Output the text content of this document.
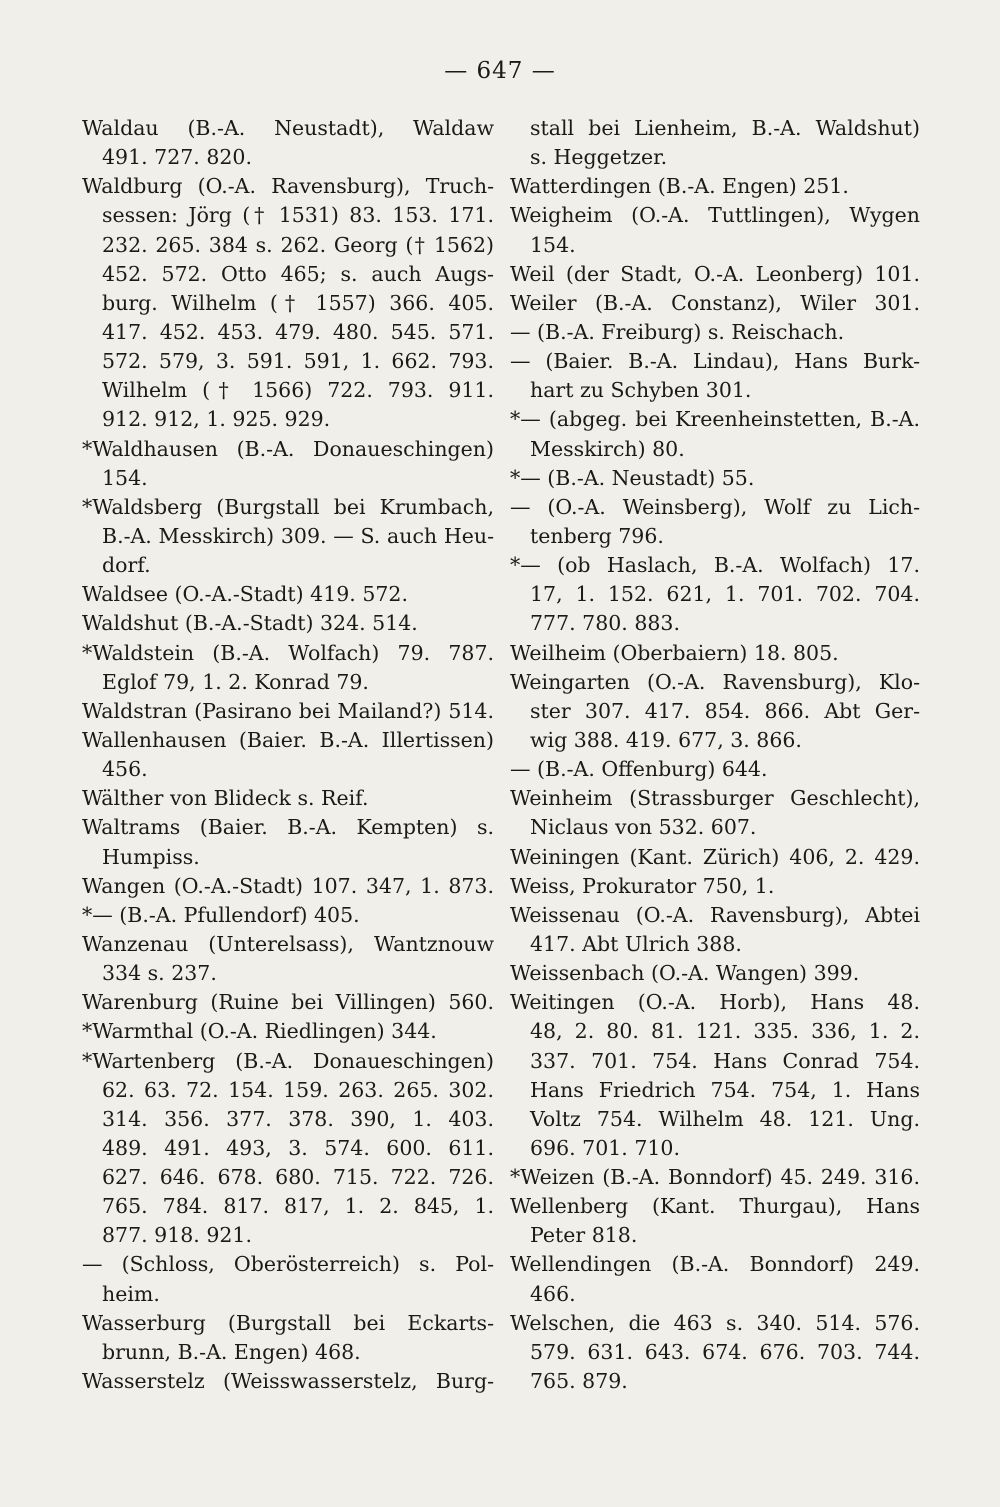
— 647 —
Waldau (B.-A. Neustadt), Waldaw
491. 727. 820.
Waldburg (O.-A. Ravensburg), Truch-
sessen: Jörg († 1531) 83. 153. 171.
232. 265. 384 s. 262. Georg († 1562)
452. 572. Otto 465; s. auch Augs-
burg. Wilhelm († 1557) 366. 405.
417. 452. 453. 479. 480. 545. 571.
572. 579, 3. 591. 591, 1. 662. 793.
Wilhelm († 1566) 722. 793. 911.
912. 912, 1. 925. 929.
*Waldhausen (B.-A. Donaueschingen)
154.
*Waldsberg (Burgstall bei Krumbach,
B.-A. Messkirch) 309. — S. auch Heu-
dorf.
Waldsee (O.-A.-Stadt) 419. 572.
Waldshut (B.-A.-Stadt) 324. 514.
*Waldstein (B.-A. Wolfach) 79. 787.
Eglof 79, 1. 2. Konrad 79.
Waldstran (Pasirano bei Mailand?) 514.
Wallenhausen (Baier. B.-A. Illertissen)
456.
Wälther von Blideck s. Reif.
Waltrams (Baier. B.-A. Kempten) s.
Humpiss.
Wangen (O.-A.-Stadt) 107. 347, 1. 873.
*— (B.-A. Pfullendorf) 405.
Wanzenau (Unterelsass), Wantznouw
334 s. 237.
Warenburg (Ruine bei Villingen) 560.
*Warmthal (O.-A. Riedlingen) 344.
*Wartenberg (B.-A. Donaueschingen)
62. 63. 72. 154. 159. 263. 265. 302.
314. 356. 377. 378. 390, 1. 403.
489. 491. 493, 3. 574. 600. 611.
627. 646. 678. 680. 715. 722. 726.
765. 784. 817. 817, 1. 2. 845, 1.
877. 918. 921.
— (Schloss, Oberösterreich) s. Pol-
heim.
Wasserburg (Burgstall bei Eckarts-
brunn, B.-A. Engen) 468.
Wasserstelz (Weisswasserstelz, Burg-
stall bei Lienheim, B.-A. Waldshut)
s. Heggetzer.
Watterdingen (B.-A. Engen) 251.
Weigheim (O.-A. Tuttlingen), Wygen
154.
Weil (der Stadt, O.-A. Leonberg) 101.
Weiler (B.-A. Constanz), Wiler 301.
— (B.-A. Freiburg) s. Reischach.
— (Baier. B.-A. Lindau), Hans Burk-
hart zu Schyben 301.
*— (abgeg. bei Kreenheinstetten, B.-A.
Messkirch) 80.
*— (B.-A. Neustadt) 55.
— (O.-A. Weinsberg), Wolf zu Lich-
tenberg 796.
*— (ob Haslach, B.-A. Wolfach) 17.
17, 1. 152. 621, 1. 701. 702. 704.
777. 780. 883.
Weilheim (Oberbaiern) 18. 805.
Weingarten (O.-A. Ravensburg), Klo-
ster 307. 417. 854. 866. Abt Ger-
wig 388. 419. 677, 3. 866.
— (B.-A. Offenburg) 644.
Weinheim (Strassburger Geschlecht),
Niclaus von 532. 607.
Weiningen (Kant. Zürich) 406, 2. 429.
Weiss, Prokurator 750, 1.
Weissenau (O.-A. Ravensburg), Abtei
417. Abt Ulrich 388.
Weissenbach (O.-A. Wangen) 399.
Weitingen (O.-A. Horb), Hans 48.
48, 2. 80. 81. 121. 335. 336, 1. 2.
337. 701. 754. Hans Conrad 754.
Hans Friedrich 754. 754, 1. Hans
Voltz 754. Wilhelm 48. 121. Ung.
696. 701. 710.
*Weizen (B.-A. Bonndorf) 45. 249. 316.
Wellenberg (Kant. Thurgau), Hans
Peter 818.
Wellendingen (B.-A. Bonndorf) 249.
466.
Welschen, die 463 s. 340. 514. 576.
579. 631. 643. 674. 676. 703. 744.
765. 879.
